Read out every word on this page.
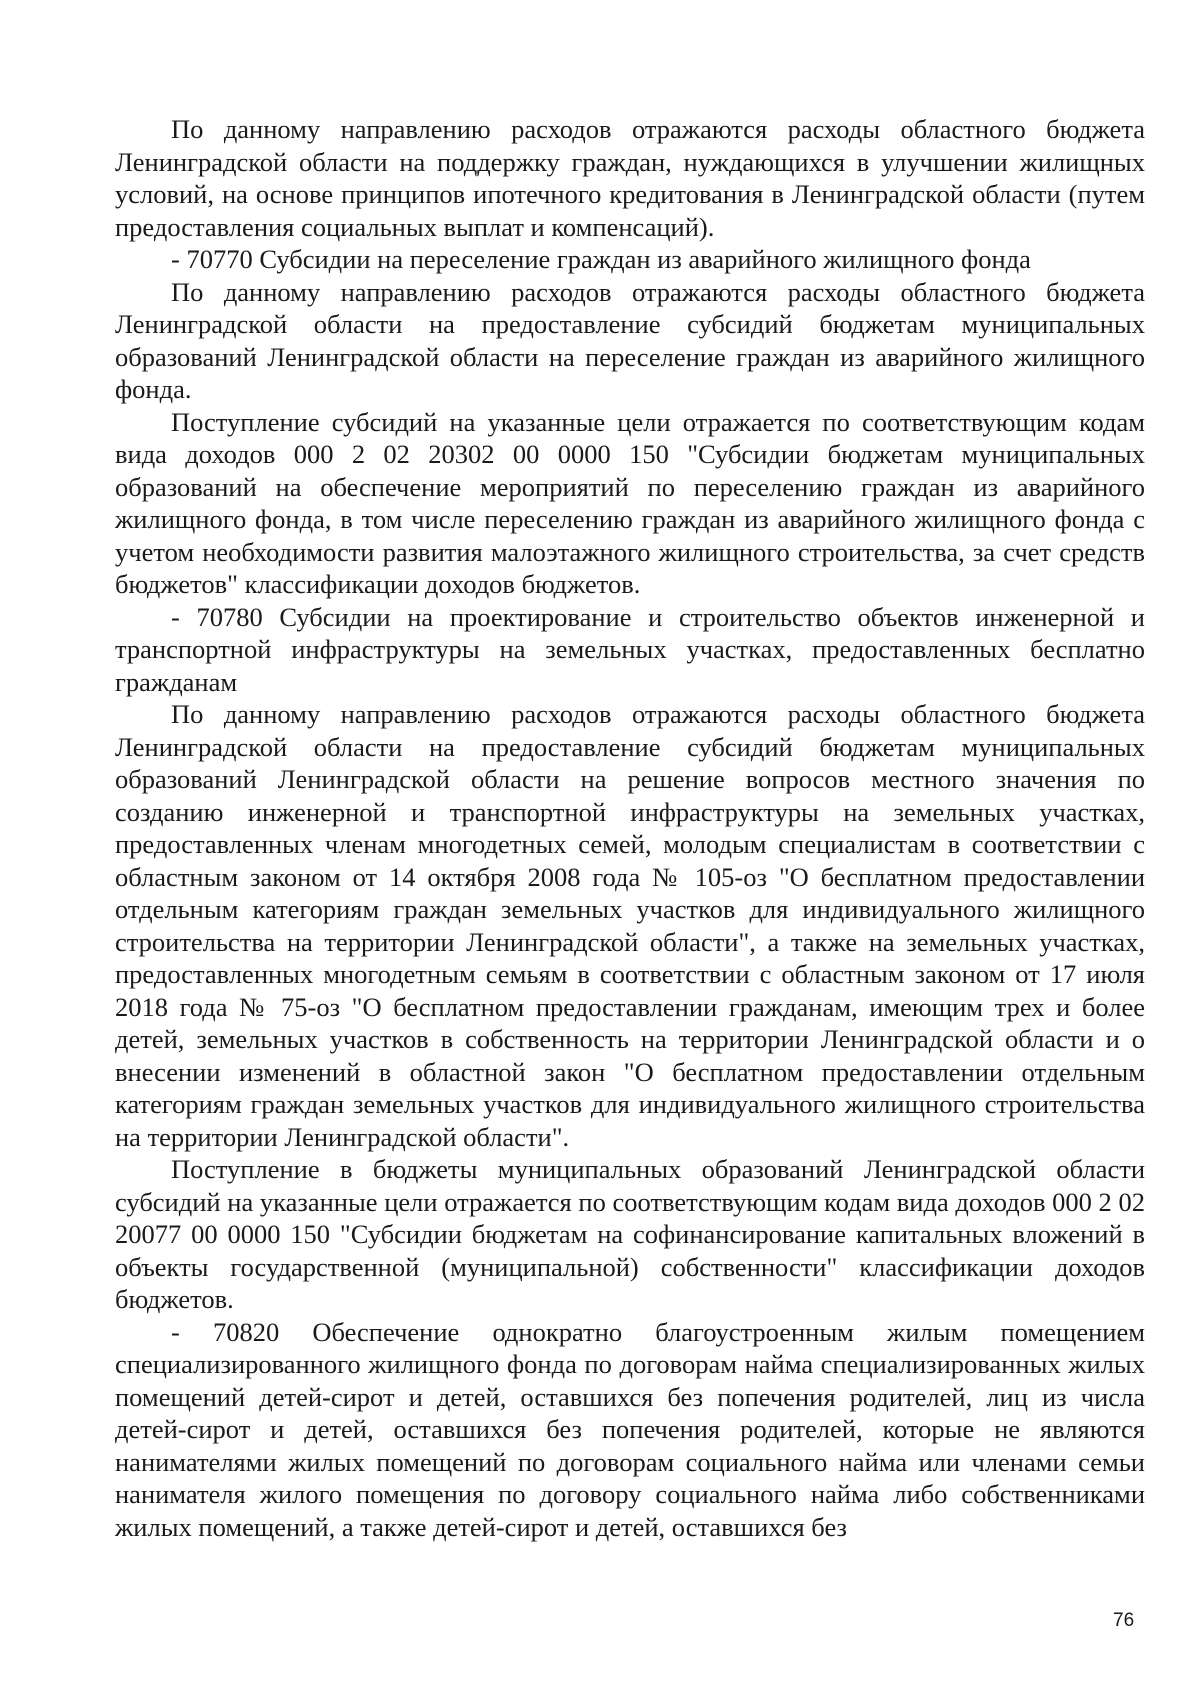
По данному направлению расходов отражаются расходы областного бюджета Ленинградской области на поддержку граждан, нуждающихся в улучшении жилищных условий, на основе принципов ипотечного кредитования в Ленинградской области (путем предоставления социальных выплат и компенсаций).

- 70770 Субсидии на переселение граждан из аварийного жилищного фонда

По данному направлению расходов отражаются расходы областного бюджета Ленинградской области на предоставление субсидий бюджетам муниципальных образований Ленинградской области на переселение граждан из аварийного жилищного фонда.

Поступление субсидий на указанные цели отражается по соответствующим кодам вида доходов 000 2 02 20302 00 0000 150 "Субсидии бюджетам муниципальных образований на обеспечение мероприятий по переселению граждан из аварийного жилищного фонда, в том числе переселению граждан из аварийного жилищного фонда с учетом необходимости развития малоэтажного жилищного строительства, за счет средств бюджетов" классификации доходов бюджетов.

- 70780 Субсидии на проектирование и строительство объектов инженерной и транспортной инфраструктуры на земельных участках, предоставленных бесплатно гражданам

По данному направлению расходов отражаются расходы областного бюджета Ленинградской области на предоставление субсидий бюджетам муниципальных образований Ленинградской области на решение вопросов местного значения по созданию инженерной и транспортной инфраструктуры на земельных участках, предоставленных членам многодетных семей, молодым специалистам в соответствии с областным законом от 14 октября 2008 года № 105-оз "О бесплатном предоставлении отдельным категориям граждан земельных участков для индивидуального жилищного строительства на территории Ленинградской области", а также на земельных участках, предоставленных многодетным семьям в соответствии с областным законом от 17 июля 2018 года № 75-оз "О бесплатном предоставлении гражданам, имеющим трех и более детей, земельных участков в собственность на территории Ленинградской области и о внесении изменений в областной закон "О бесплатном предоставлении отдельным категориям граждан земельных участков для индивидуального жилищного строительства на территории Ленинградской области".

Поступление в бюджеты муниципальных образований Ленинградской области субсидий на указанные цели отражается по соответствующим кодам вида доходов 000 2 02 20077 00 0000 150 "Субсидии бюджетам на софинансирование капитальных вложений в объекты государственной (муниципальной) собственности" классификации доходов бюджетов.

- 70820 Обеспечение однократно благоустроенным жилым помещением специализированного жилищного фонда по договорам найма специализированных жилых помещений детей-сирот и детей, оставшихся без попечения родителей, лиц из числа детей-сирот и детей, оставшихся без попечения родителей, которые не являются нанимателями жилых помещений по договорам социального найма или членами семьи нанимателя жилого помещения по договору социального найма либо собственниками жилых помещений, а также детей-сирот и детей, оставшихся без

76
